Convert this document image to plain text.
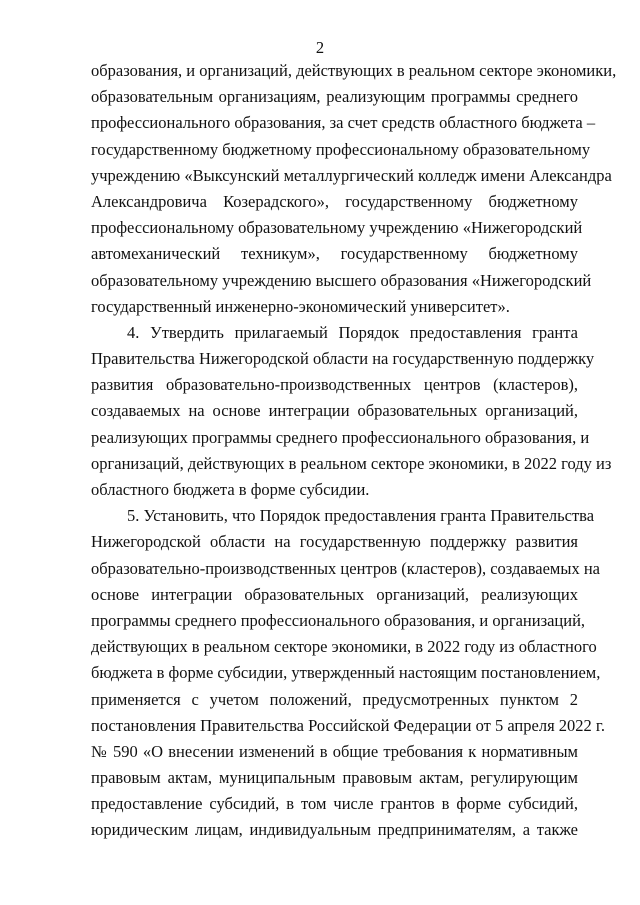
2
образования, и организаций, действующих в реальном секторе экономики,
образовательным организациям, реализующим программы среднего
профессионального образования, за счет средств областного бюджета –
государственному бюджетному профессиональному образовательному
учреждению «Выксунский металлургический колледж имени Александра
Александровича Козерадского», государственному бюджетному
профессиональному образовательному учреждению «Нижегородский
автомеханический техникум», государственному бюджетному
образовательному учреждению высшего образования «Нижегородский
государственный инженерно-экономический университет».
4. Утвердить прилагаемый Порядок предоставления гранта
Правительства Нижегородской области на государственную поддержку
развития образовательно-производственных центров (кластеров),
создаваемых на основе интеграции образовательных организаций,
реализующих программы среднего профессионального образования, и
организаций, действующих в реальном секторе экономики, в 2022 году из
областного бюджета в форме субсидии.
5. Установить, что Порядок предоставления гранта Правительства
Нижегородской области на государственную поддержку развития
образовательно-производственных центров (кластеров), создаваемых на
основе интеграции образовательных организаций, реализующих
программы среднего профессионального образования, и организаций,
действующих в реальном секторе экономики, в 2022 году из областного
бюджета в форме субсидии, утвержденный настоящим постановлением,
применяется с учетом положений, предусмотренных пунктом 2
постановления Правительства Российской Федерации от 5 апреля 2022 г.
№ 590 «О внесении изменений в общие требования к нормативным
правовым актам, муниципальным правовым актам, регулирующим
предоставление субсидий, в том числе грантов в форме субсидий,
юридическим лицам, индивидуальным предпринимателям, а также
